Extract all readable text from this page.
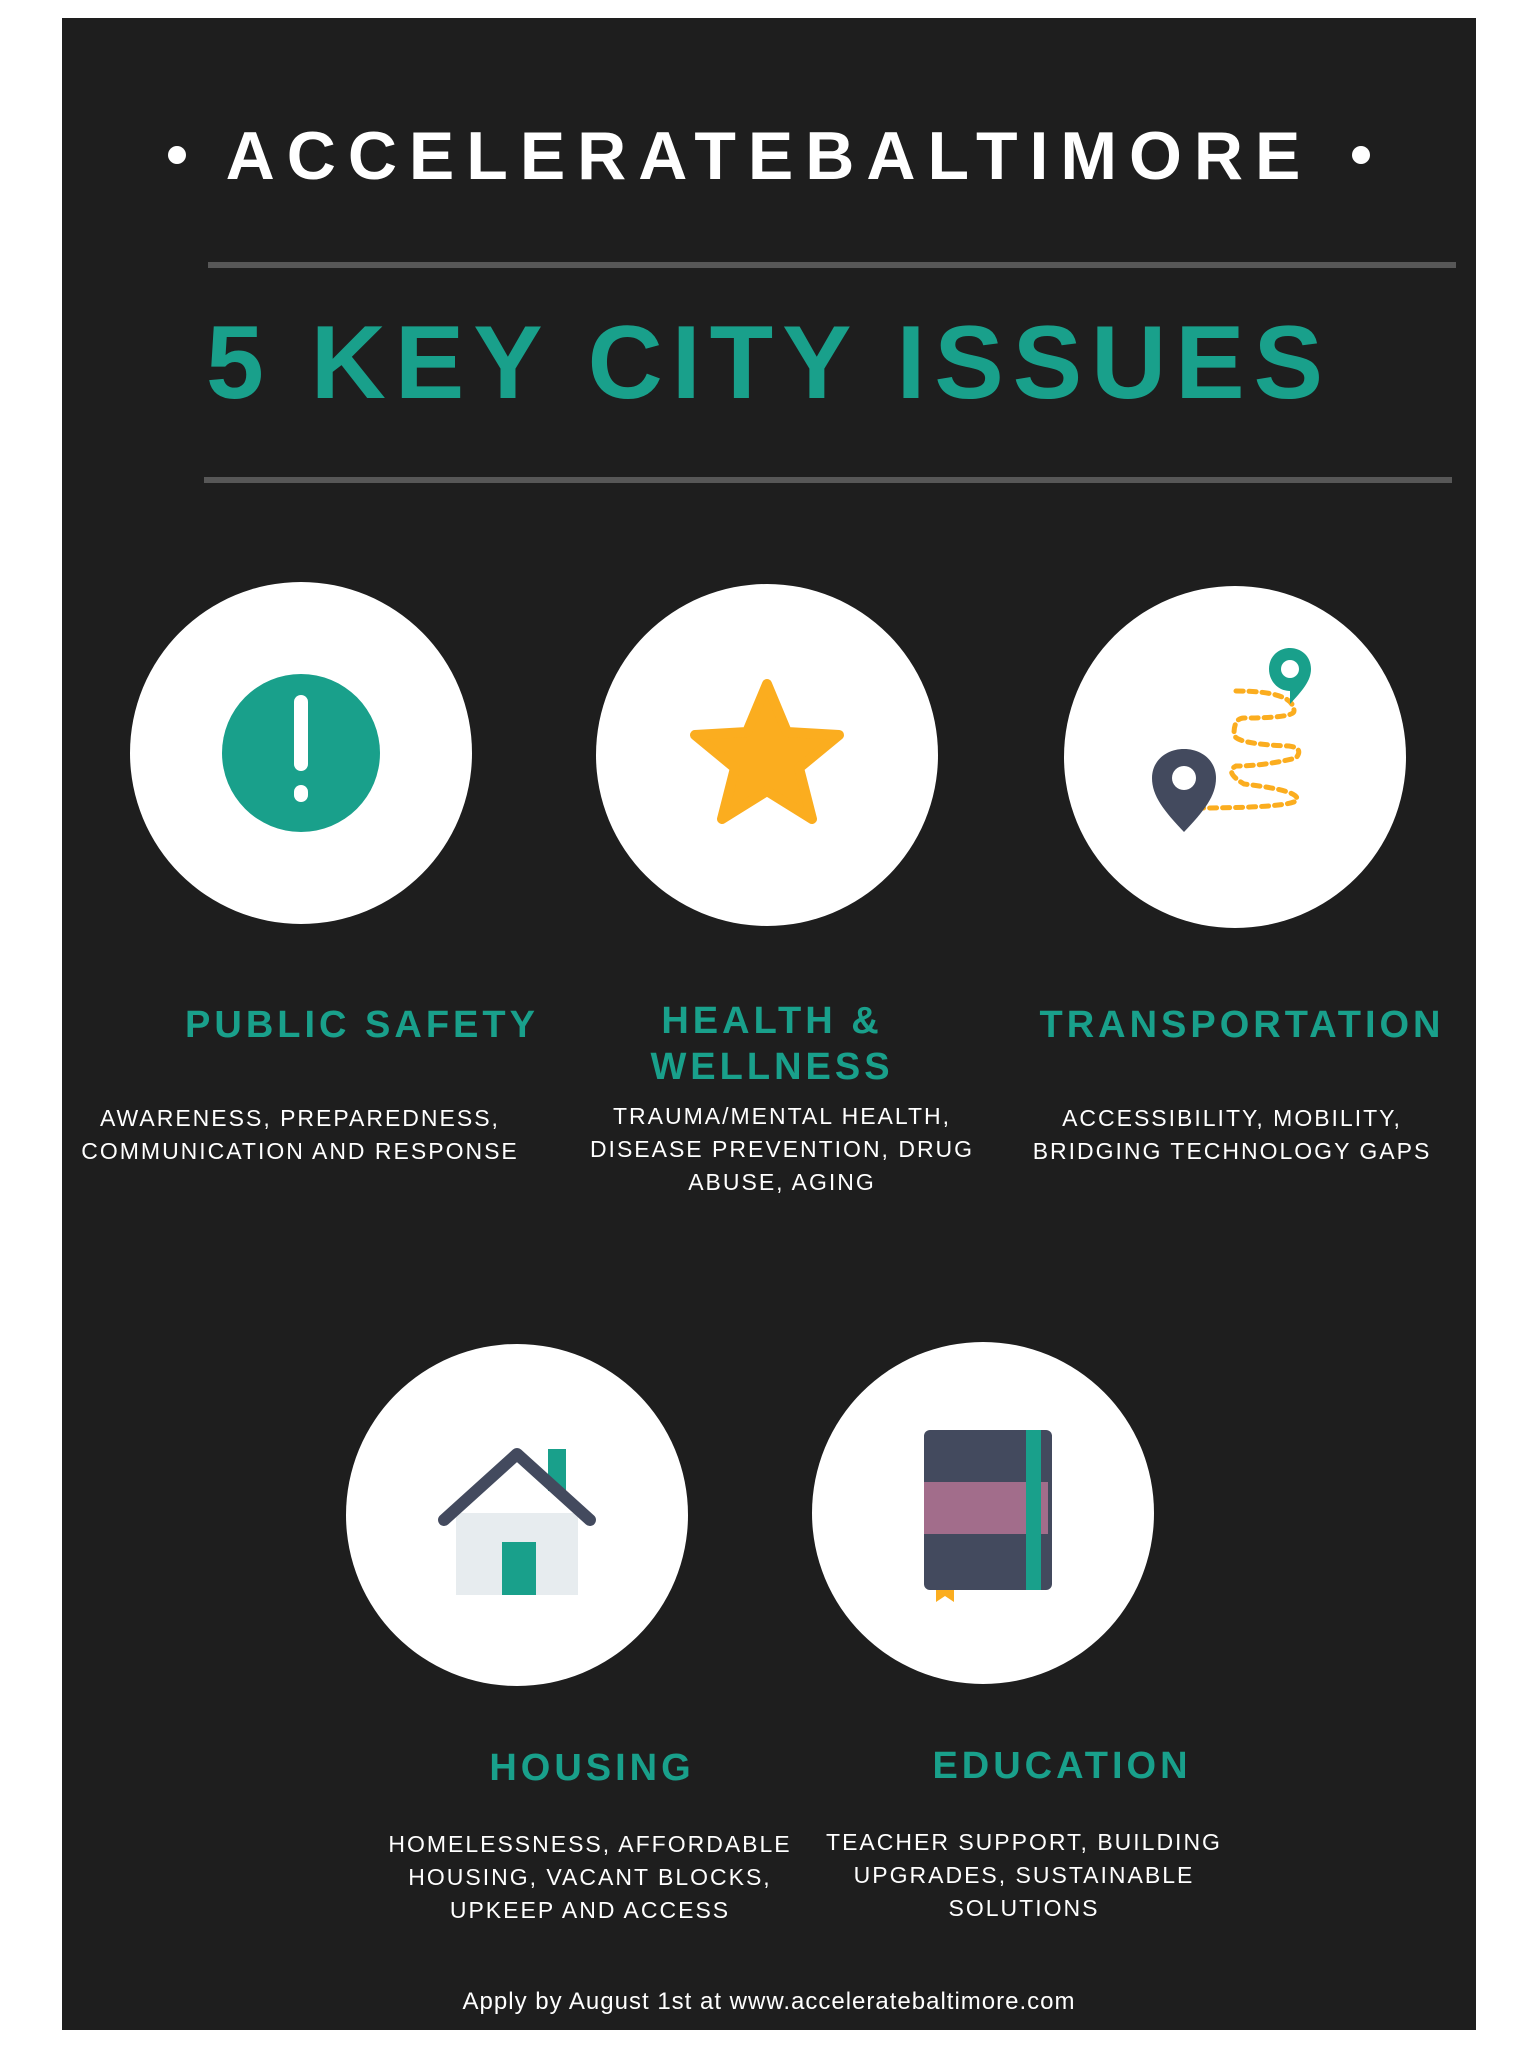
ACCELERATEBALTIMORE
5 KEY CITY ISSUES
PUBLIC SAFETY
AWARENESS, PREPAREDNESS, COMMUNICATION AND RESPONSE
HEALTH & WELLNESS
TRAUMA/MENTAL HEALTH, DISEASE PREVENTION, DRUG ABUSE, AGING
TRANSPORTATION
ACCESSIBILITY, MOBILITY, BRIDGING TECHNOLOGY GAPS
HOUSING
HOMELESSNESS, AFFORDABLE HOUSING, VACANT BLOCKS, UPKEEP AND ACCESS
EDUCATION
TEACHER SUPPORT, BUILDING UPGRADES, SUSTAINABLE SOLUTIONS
Apply by August 1st at www.acceleratebaltimore.com
